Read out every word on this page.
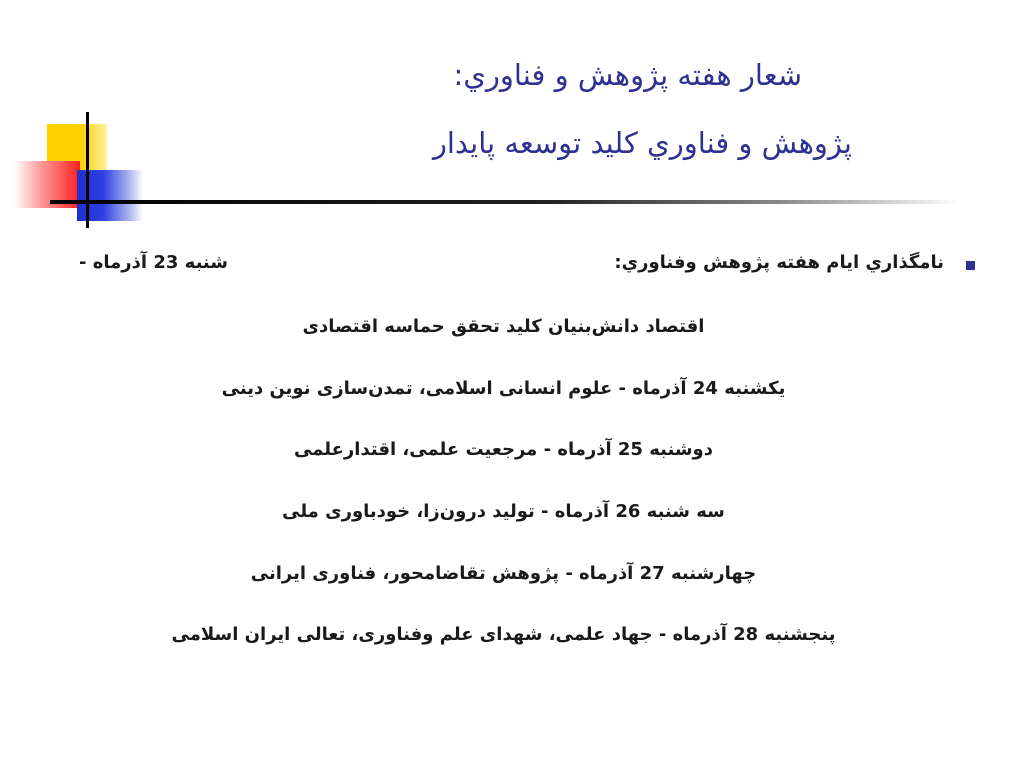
شعار هفته پژوهش و فناوري:
پژوهش و فناوري كليد توسعه پايدار
نامگذاري ايام هفته پژوهش وفناوري:
شنبه 23 آذرماه -
اقتصاد دانش‌بنیان کلید تحقق حماسه اقتصادی
یکشنبه 24 آذرماه - علوم انسانی اسلامی، تمدن‌سازی نوین دینی
دوشنبه 25 آذرماه - مرجعیت علمی، اقتدارعلمی
سه شنبه 26 آذرماه - تولید درون‌زا، خودباوری ملی
چهارشنبه 27 آذرماه - پژوهش تقاضامحور، فناوری ایرانی
پنجشنبه 28 آذرماه - جهاد علمی، شهدای علم وفناوری، تعالی ایران اسلامی
